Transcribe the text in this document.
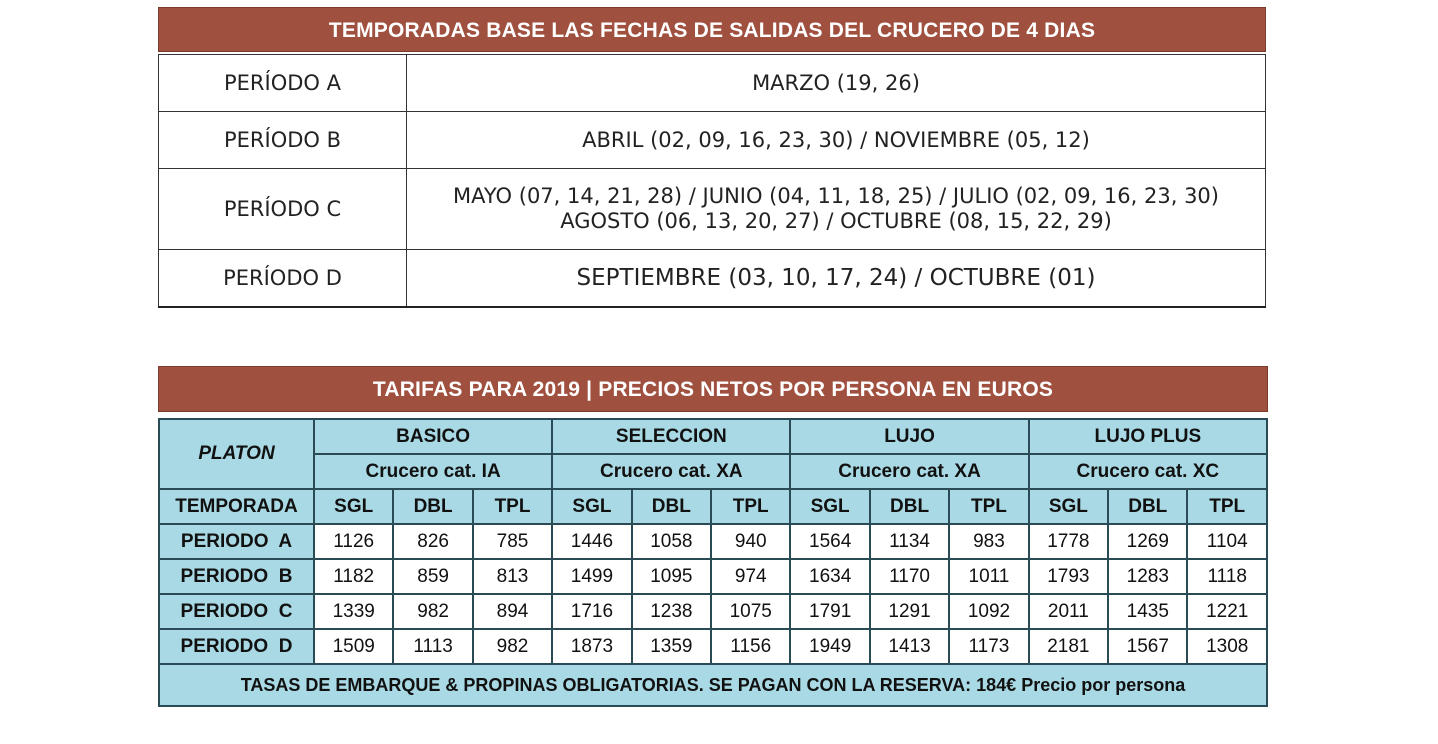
TEMPORADAS BASE LAS FECHAS DE SALIDAS DEL CRUCERO DE 4 DIAS
PERÍODO A	MARZO (19, 26)

PERÍODO B	ABRIL (02, 09, 16, 23, 30) / NOVIEMBRE (05, 12)

PERÍODO C	MAYO (07, 14, 21, 28) / JUNIO (04, 11, 18, 25) / JULIO (02, 09, 16, 23, 30)
AGOSTO (06, 13, 20, 27) / OCTUBRE (08, 15, 22, 29)

PERÍODO D	SEPTIEMBRE (03, 10, 17, 24) / OCTUBRE (01)
TARIFAS PARA 2019 | PRECIOS NETOS POR PERSONA EN EUROS
PLATON	BASICO			SELECCION			LUJO			LUJO PLUS		
	Crucero cat. IA			Crucero cat. XA			Crucero cat. XA			Crucero cat. XC		
TEMPORADA	SGL	DBL	TPL	SGL	DBL	TPL	SGL	DBL	TPL	SGL	DBL	TPL
PERIODO  A	1126	826	785	1446	1058	940	1564	1134	983	1778	1269	1104
PERIODO  B	1182	859	813	1499	1095	974	1634	1170	1011	1793	1283	1118
PERIODO  C	1339	982	894	1716	1238	1075	1791	1291	1092	2011	1435	1221
PERIODO  D	1509	1113	982	1873	1359	1156	1949	1413	1173	2181	1567	1308
TASAS DE EMBARQUE & PROPINAS OBLIGATORIAS. SE PAGAN CON LA RESERVA: 184€ Precio por persona												
